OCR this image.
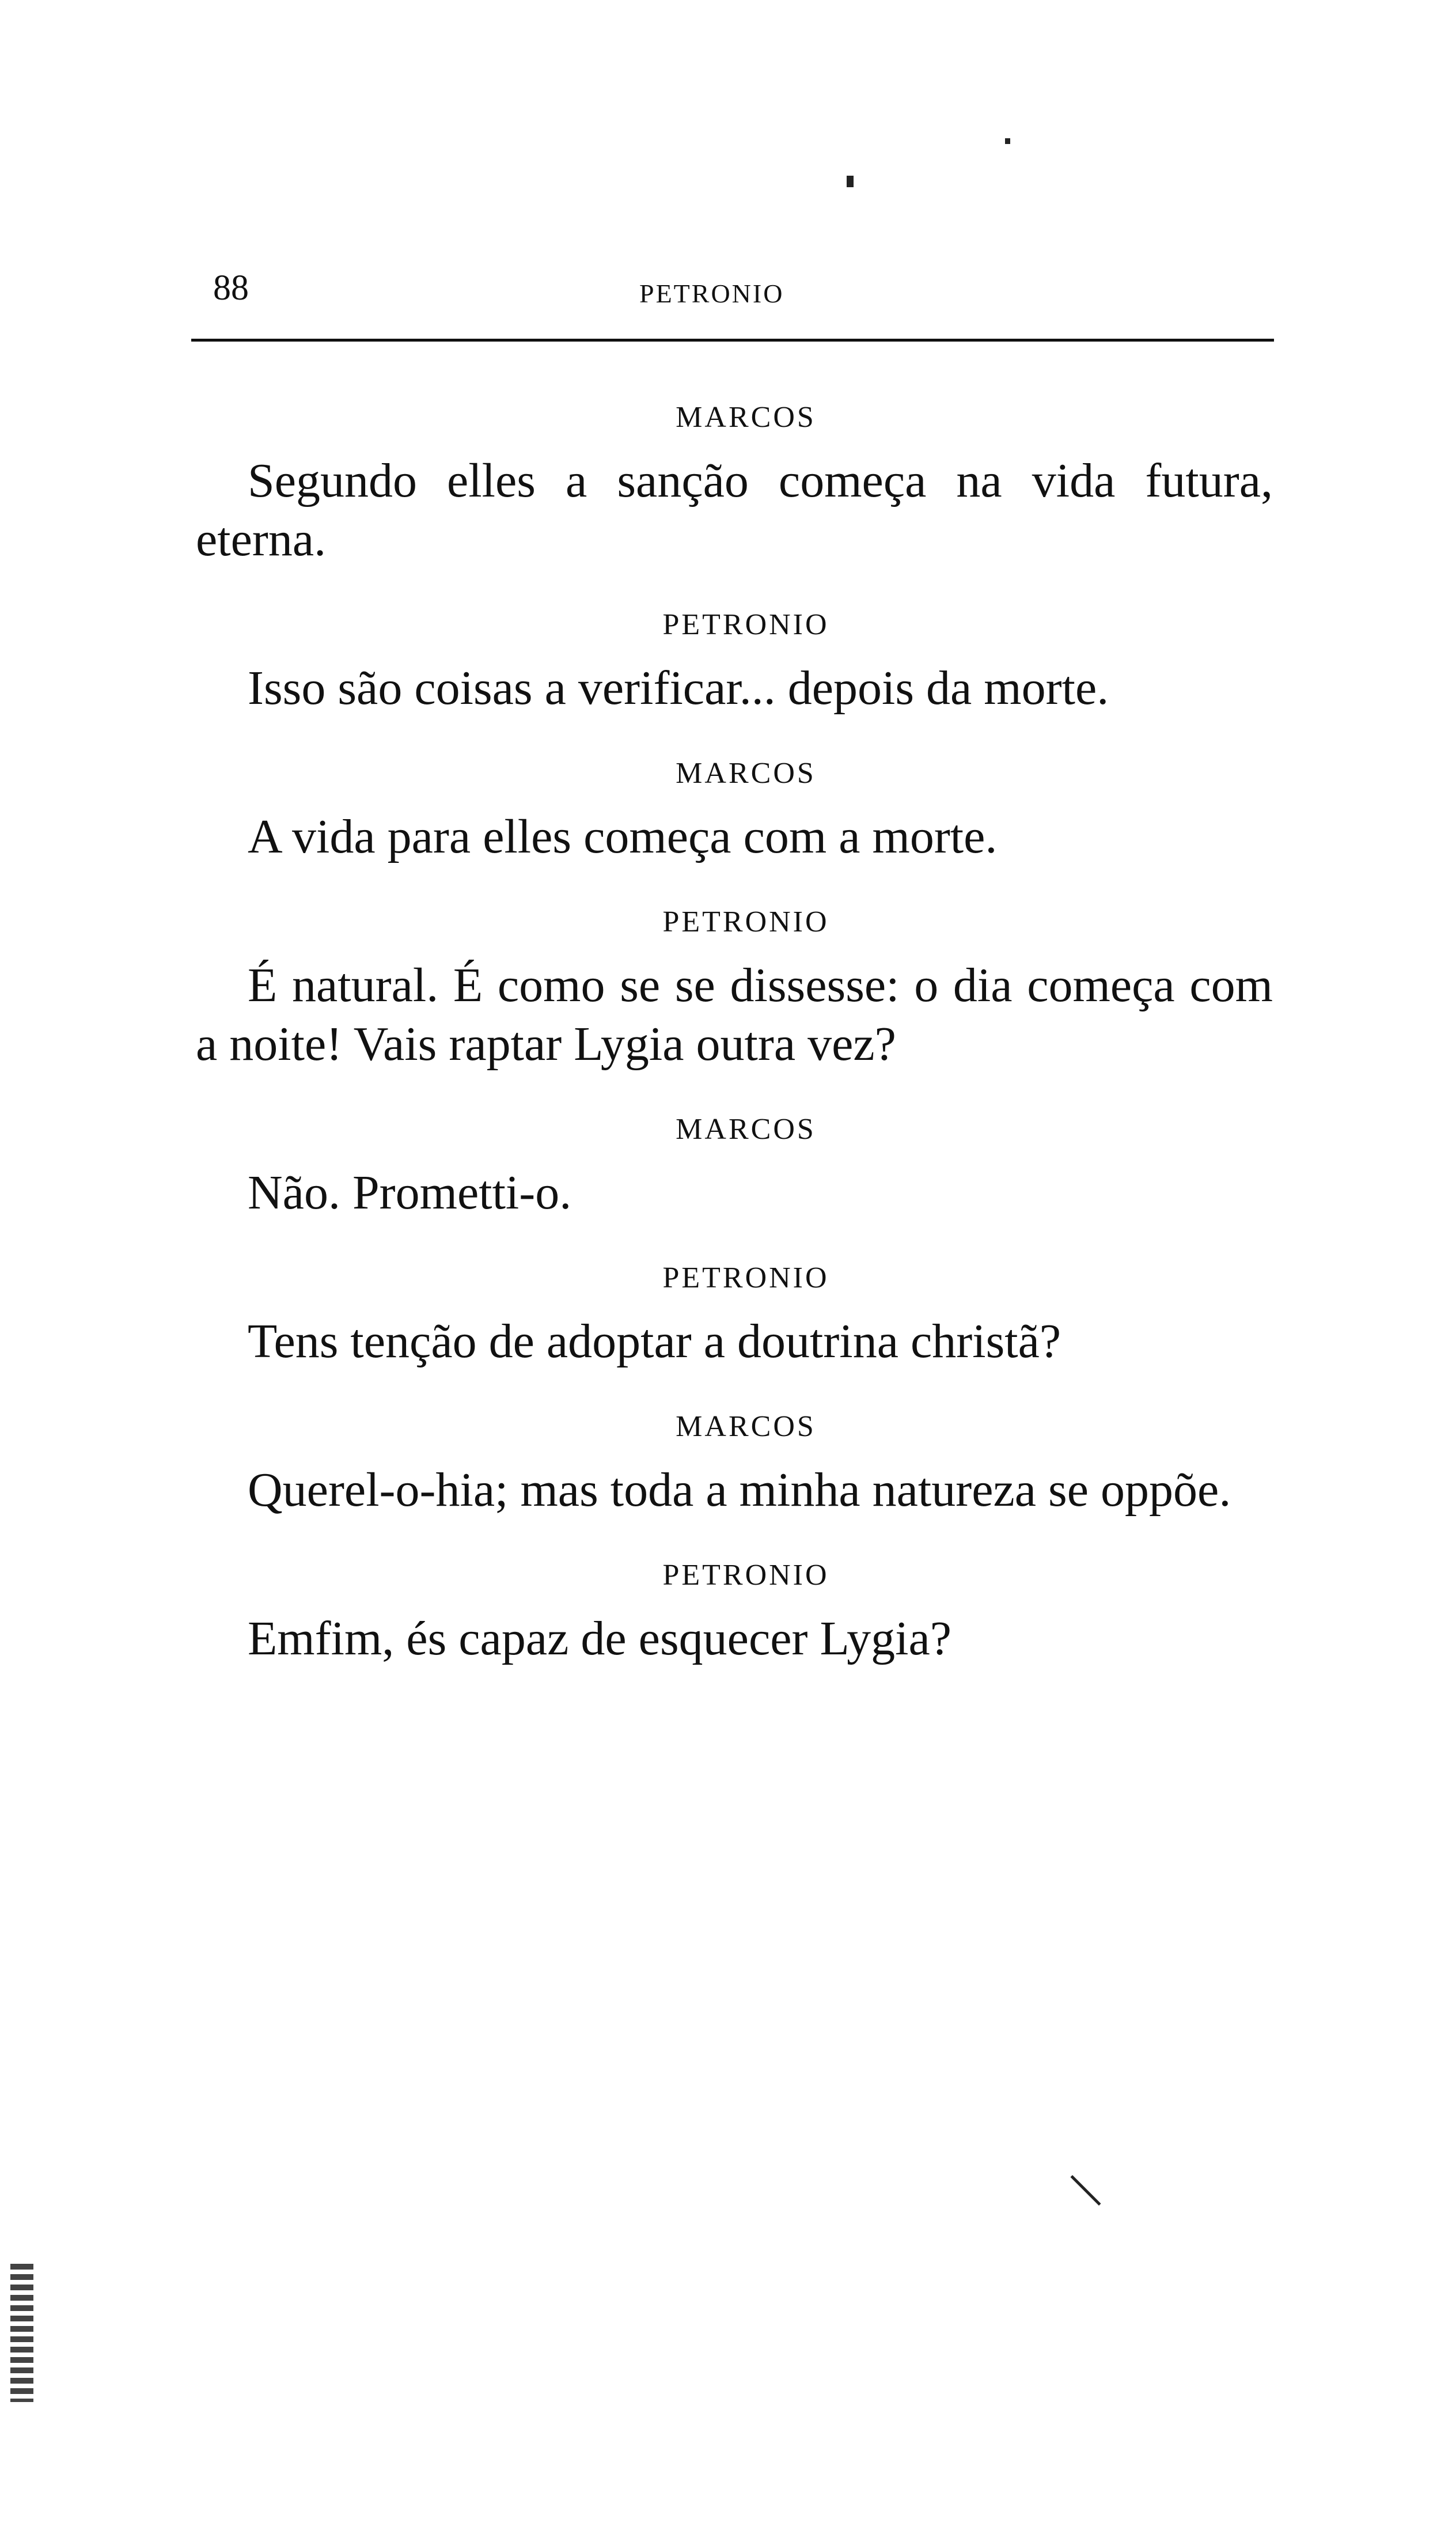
88	PETRONIO

MARCOS

Segundo elles a sanção começa na vida futura, eterna.

PETRONIO

Isso são coisas a verificar... depois da morte.

MARCOS

A vida para elles começa com a morte.

PETRONIO

É natural. É como se se dissesse: o dia começa com a noite! Vais raptar Lygia outra vez?

MARCOS

Não. Prometti-o.

PETRONIO

Tens tenção de adoptar a doutrina christã?

MARCOS

Querel-o-hia; mas toda a minha natureza se oppõe.

PETRONIO

Emfim, és capaz de esquecer Lygia?
